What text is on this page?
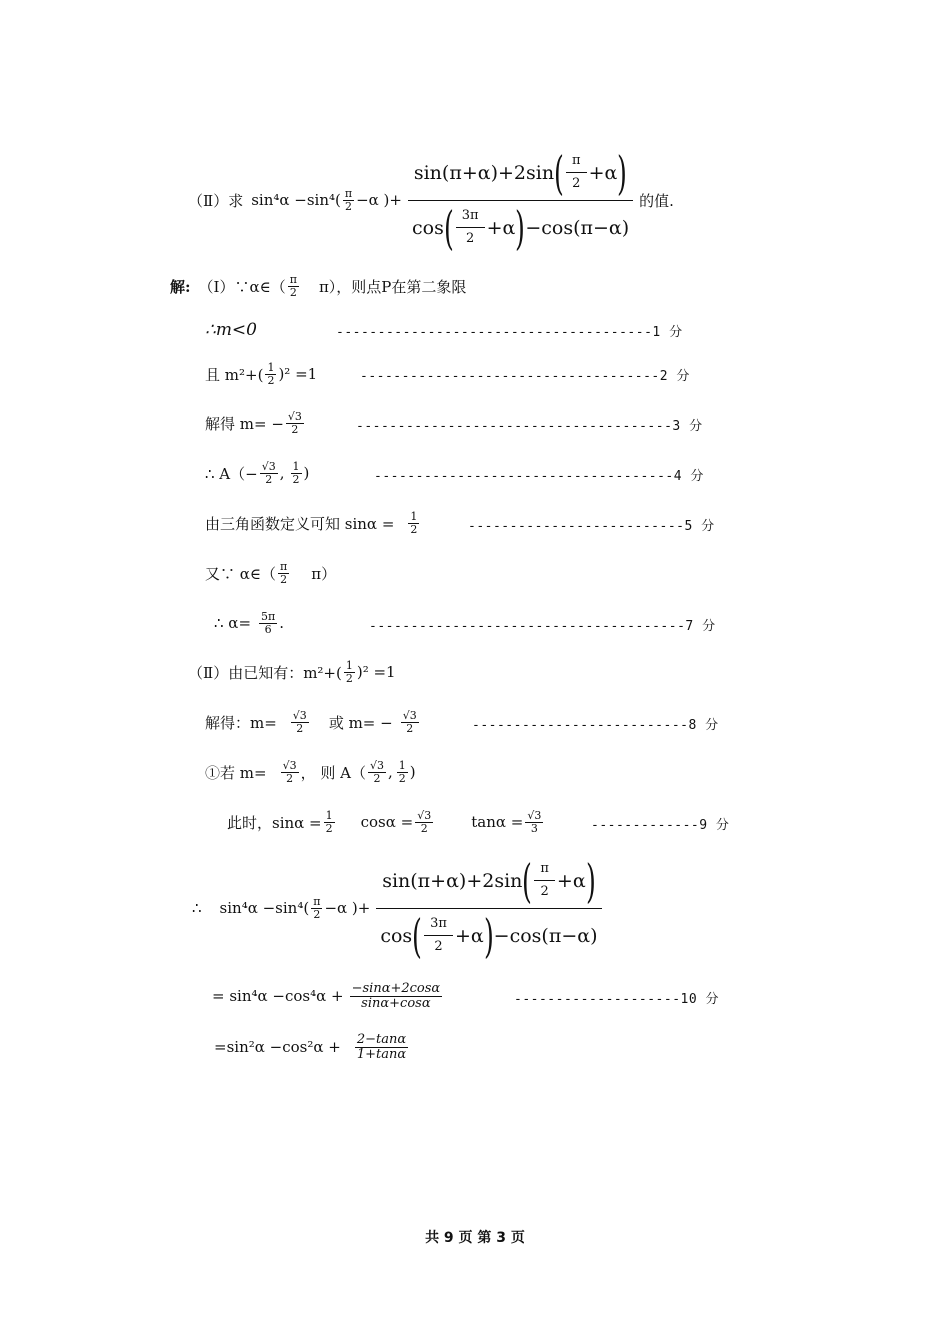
（Ⅱ）求 $\sin^4\alpha -\sin^4( \frac{\pi}{2} -\alpha$ )+ $\frac{\sin(\pi+\alpha)+2\sin ( \frac{\pi}{2} +\alpha )}{\cos ( \frac{3\pi}{2} +\alpha ) -\cos(\pi-\alpha)}$ 的值.
解: （Ⅰ）∵α∈（ $\frac{\pi}{2} \pi$），则点P在第二象限
∴m<0	--------------------------------------1 分
且 $m^2+( \frac{1}{2} )^2 =1$	------------------------------------2 分
解得 $m= - \frac{√3}{2}$	--------------------------------------3 分
∴ $A(- \frac{√3}{2}$ , $\frac{1}{2}$ )	------------------------------------4 分
由三角函数定义可知 $\sin\alpha = \frac{1}{2}$	--------------------------5 分
又∵ α∈（ $\frac{\pi}{2} \pi$）
∴ $\alpha= \frac{5\pi}{6}$ .	--------------------------------------7 分
（Ⅱ）由已知有：$m^2+( \frac{1}{2} )^2 =1$
解得：$m= \frac{√3}{2}$ 或 $m= - \frac{√3}{2}$	--------------------------8 分
①若 $m= \frac{√3}{2}$ ， 则 $A( \frac{√3}{2}$ , $\frac{1}{2}$ )
此时，$\sin\alpha = \frac{1}{2}$ $\cos\alpha = \frac{√3}{2}$	$\tan\alpha = \frac{√3}{3}$	-------------9 分
∴ $\sin^4\alpha -\sin^4( \frac{\pi}{2} -\alpha$ )+ $\frac{\sin(\pi+\alpha)+2\sin ( \frac{\pi}{2} +\alpha )}{\cos ( \frac{3\pi}{2} +\alpha ) -\cos(\pi-\alpha)}$
= $\sin^4\alpha -\cos^4\alpha + \frac{-\sin\alpha+2\cos\alpha}{\sin\alpha+\cos\alpha}$	--------------------10 分
$=\sin^2\alpha -\cos^2\alpha + \frac{2-\tan\alpha}{1+\tan\alpha}$
共 9 页 第 3 页
